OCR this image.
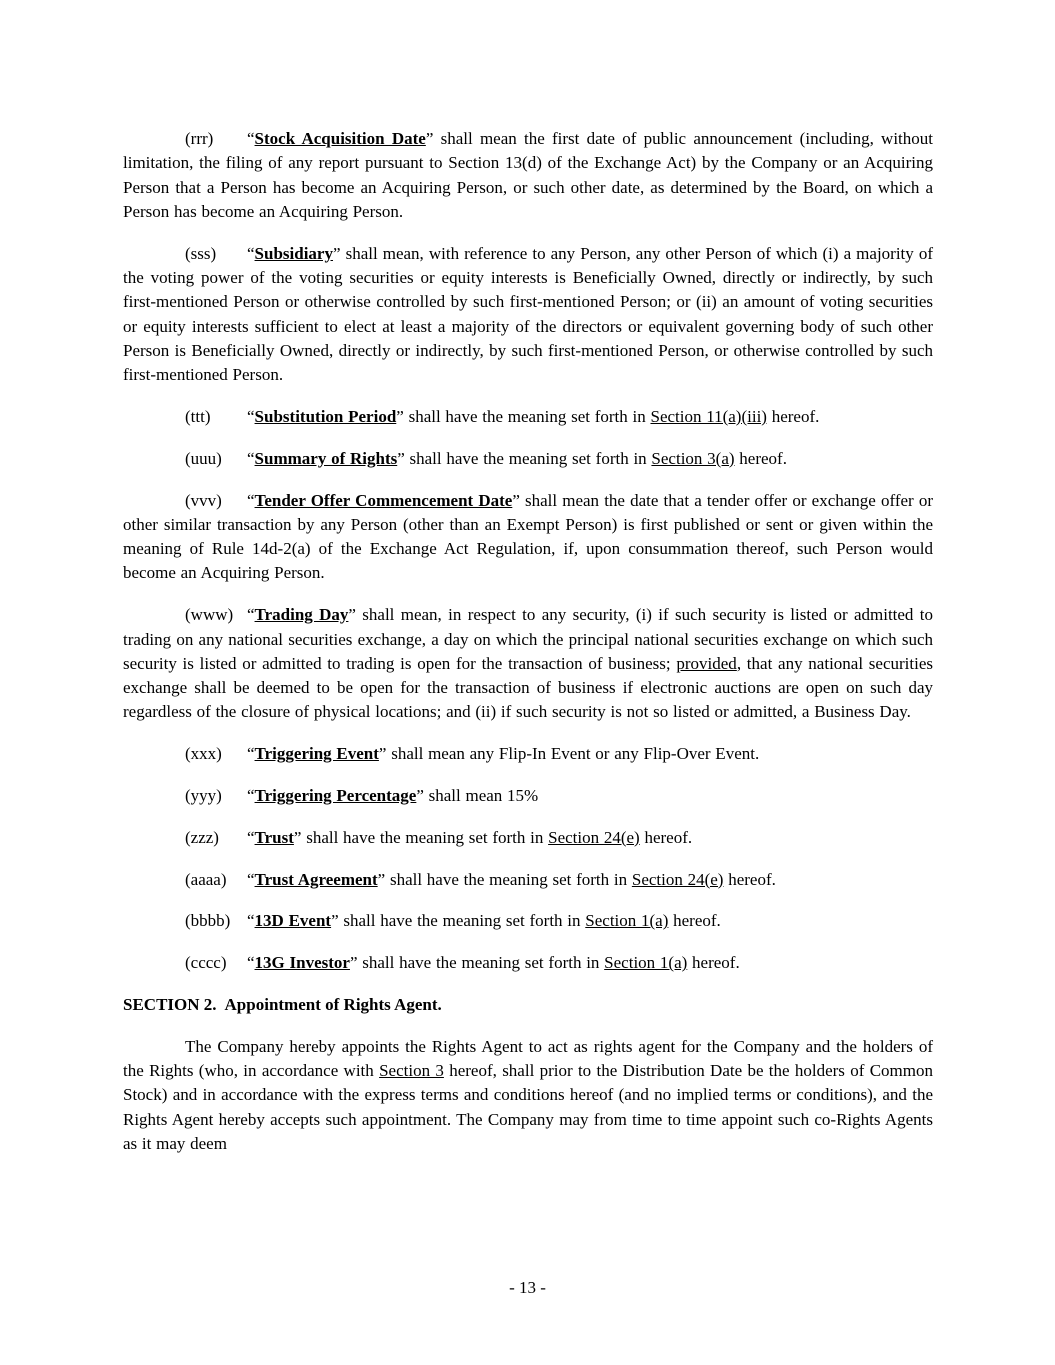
(rrr) “Stock Acquisition Date” shall mean the first date of public announcement (including, without limitation, the filing of any report pursuant to Section 13(d) of the Exchange Act) by the Company or an Acquiring Person that a Person has become an Acquiring Person, or such other date, as determined by the Board, on which a Person has become an Acquiring Person.

(sss) “Subsidiary” shall mean, with reference to any Person, any other Person of which (i) a majority of the voting power of the voting securities or equity interests is Beneficially Owned, directly or indirectly, by such first-mentioned Person or otherwise controlled by such first-mentioned Person; or (ii) an amount of voting securities or equity interests sufficient to elect at least a majority of the directors or equivalent governing body of such other Person is Beneficially Owned, directly or indirectly, by such first-mentioned Person, or otherwise controlled by such first-mentioned Person.

(ttt) “Substitution Period” shall have the meaning set forth in Section 11(a)(iii) hereof.

(uuu) “Summary of Rights” shall have the meaning set forth in Section 3(a) hereof.

(vvv) “Tender Offer Commencement Date” shall mean the date that a tender offer or exchange offer or other similar transaction by any Person (other than an Exempt Person) is first published or sent or given within the meaning of Rule 14d-2(a) of the Exchange Act Regulation, if, upon consummation thereof, such Person would become an Acquiring Person.

(www) “Trading Day” shall mean, in respect to any security, (i) if such security is listed or admitted to trading on any national securities exchange, a day on which the principal national securities exchange on which such security is listed or admitted to trading is open for the transaction of business; provided, that any national securities exchange shall be deemed to be open for the transaction of business if electronic auctions are open on such day regardless of the closure of physical locations; and (ii) if such security is not so listed or admitted, a Business Day.

(xxx) “Triggering Event” shall mean any Flip-In Event or any Flip-Over Event.

(yyy) “Triggering Percentage” shall mean 15%

(zzz) “Trust” shall have the meaning set forth in Section 24(e) hereof.

(aaaa) “Trust Agreement” shall have the meaning set forth in Section 24(e) hereof.

(bbbb) “13D Event” shall have the meaning set forth in Section 1(a) hereof.

(cccc) “13G Investor” shall have the meaning set forth in Section 1(a) hereof.

SECTION 2. Appointment of Rights Agent.

The Company hereby appoints the Rights Agent to act as rights agent for the Company and the holders of the Rights (who, in accordance with Section 3 hereof, shall prior to the Distribution Date be the holders of Common Stock) and in accordance with the express terms and conditions hereof (and no implied terms or conditions), and the Rights Agent hereby accepts such appointment. The Company may from time to time appoint such co-Rights Agents as it may deem

- 13 -
